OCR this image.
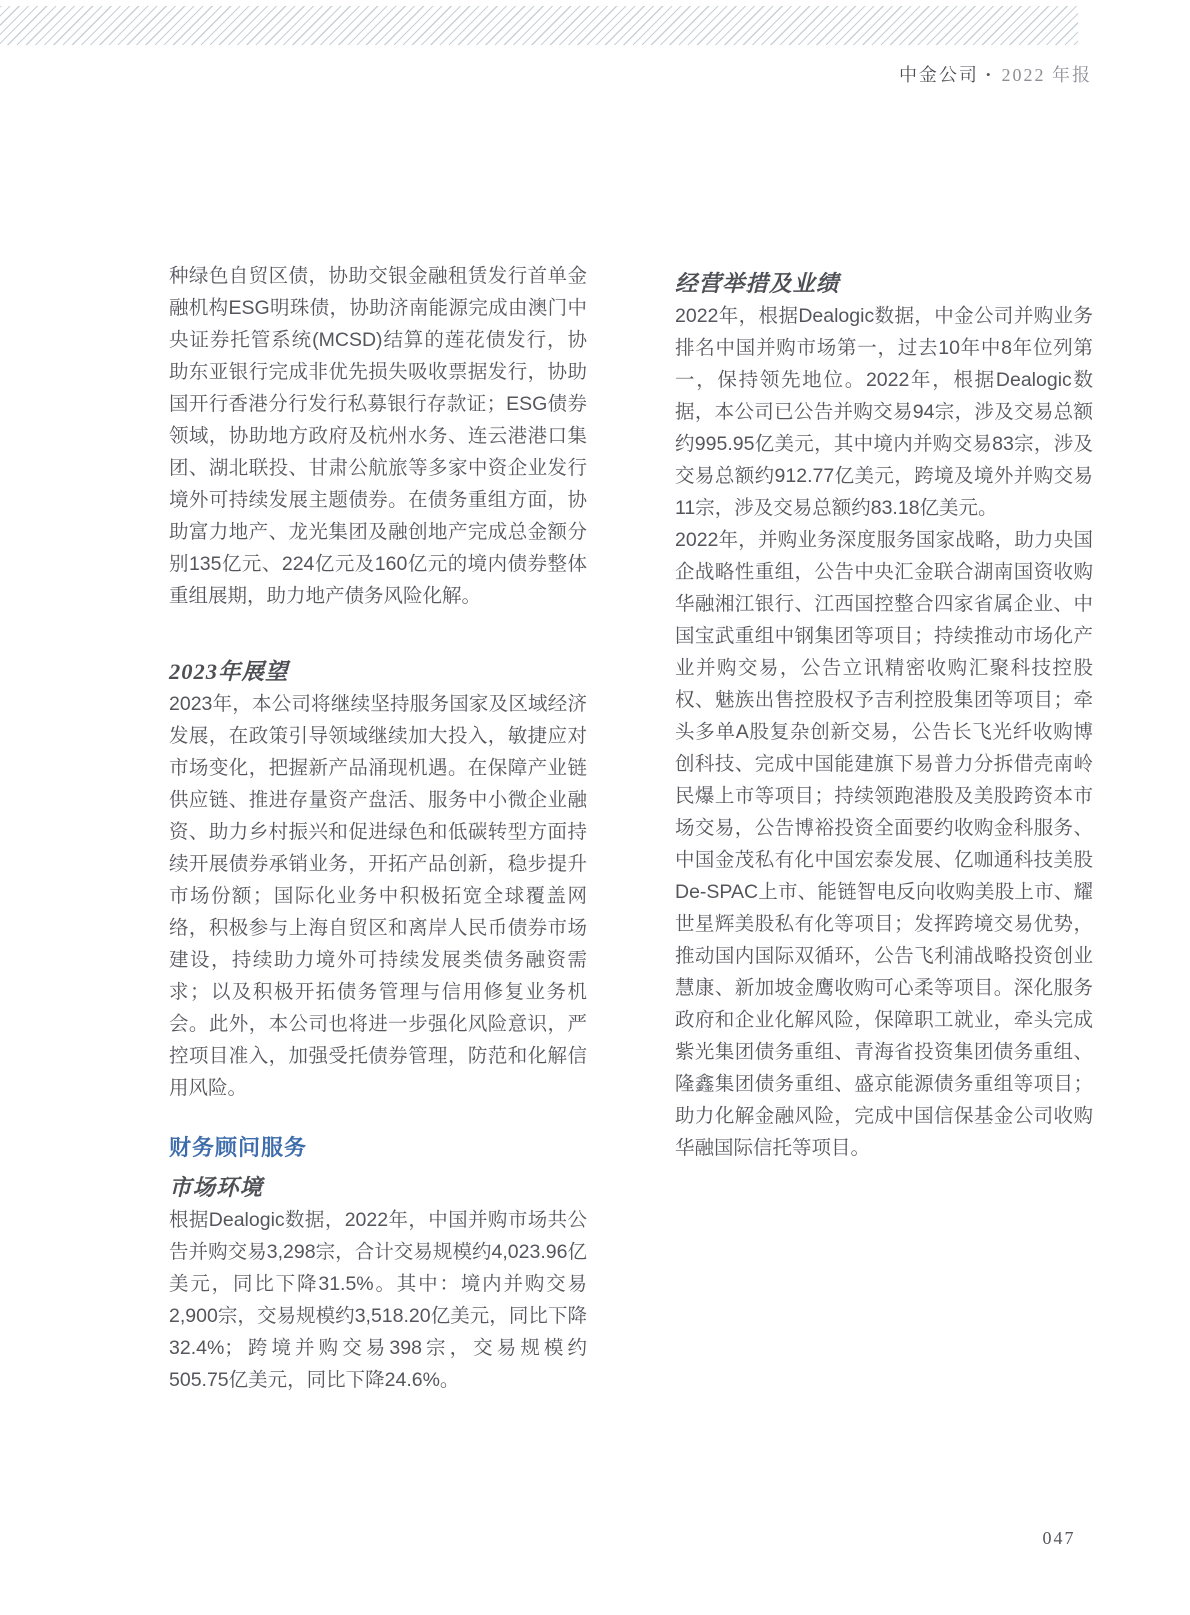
中金公司 • 2022 年报

种绿色自贸区债，协助交银金融租赁发行首单金融机构ESG明珠债，协助济南能源完成由澳门中央证券托管系统(MCSD)结算的莲花债发行，协助东亚银行完成非优先损失吸收票据发行，协助国开行香港分行发行私募银行存款证；ESG债券领域，协助地方政府及杭州水务、连云港港口集团、湖北联投、甘肃公航旅等多家中资企业发行境外可持续发展主题债券。在债务重组方面，协助富力地产、龙光集团及融创地产完成总金额分别135亿元、224亿元及160亿元的境内债券整体重组展期，助力地产债务风险化解。

2023年展望

2023年，本公司将继续坚持服务国家及区域经济发展，在政策引导领域继续加大投入，敏捷应对市场变化，把握新产品涌现机遇。在保障产业链供应链、推进存量资产盘活、服务中小微企业融资、助力乡村振兴和促进绿色和低碳转型方面持续开展债券承销业务，开拓产品创新，稳步提升市场份额；国际化业务中积极拓宽全球覆盖网络，积极参与上海自贸区和离岸人民币债券市场建设，持续助力境外可持续发展类债务融资需求；以及积极开拓债务管理与信用修复业务机会。此外，本公司也将进一步强化风险意识，严控项目准入，加强受托债券管理，防范和化解信用风险。

财务顾问服务
市场环境

根据Dealogic数据，2022年，中国并购市场共公告并购交易3,298宗，合计交易规模约4,023.96亿美元，同比下降31.5%。其中：境内并购交易2,900宗，交易规模约3,518.20亿美元，同比下降32.4%；跨境并购交易398宗，交易规模约505.75亿美元，同比下降24.6%。

经营举措及业绩

2022年，根据Dealogic数据，中金公司并购业务排名中国并购市场第一，过去10年中8年位列第一，保持领先地位。2022年，根据Dealogic数据，本公司已公告并购交易94宗，涉及交易总额约995.95亿美元，其中境内并购交易83宗，涉及交易总额约912.77亿美元，跨境及境外并购交易11宗，涉及交易总额约83.18亿美元。

2022年，并购业务深度服务国家战略，助力央国企战略性重组，公告中央汇金联合湖南国资收购华融湘江银行、江西国控整合四家省属企业、中国宝武重组中钢集团等项目；持续推动市场化产业并购交易，公告立讯精密收购汇聚科技控股权、魅族出售控股权予吉利控股集团等项目；牵头多单A股复杂创新交易，公告长飞光纤收购博创科技、完成中国能建旗下易普力分拆借壳南岭民爆上市等项目；持续领跑港股及美股跨资本市场交易，公告博裕投资全面要约收购金科服务、中国金茂私有化中国宏泰发展、亿咖通科技美股De-SPAC上市、能链智电反向收购美股上市、耀世星辉美股私有化等项目；发挥跨境交易优势，推动国内国际双循环，公告飞利浦战略投资创业慧康、新加坡金鹰收购可心柔等项目。深化服务政府和企业化解风险，保障职工就业，牵头完成紫光集团债务重组、青海省投资集团债务重组、隆鑫集团债务重组、盛京能源债务重组等项目；助力化解金融风险，完成中国信保基金公司收购华融国际信托等项目。

047
